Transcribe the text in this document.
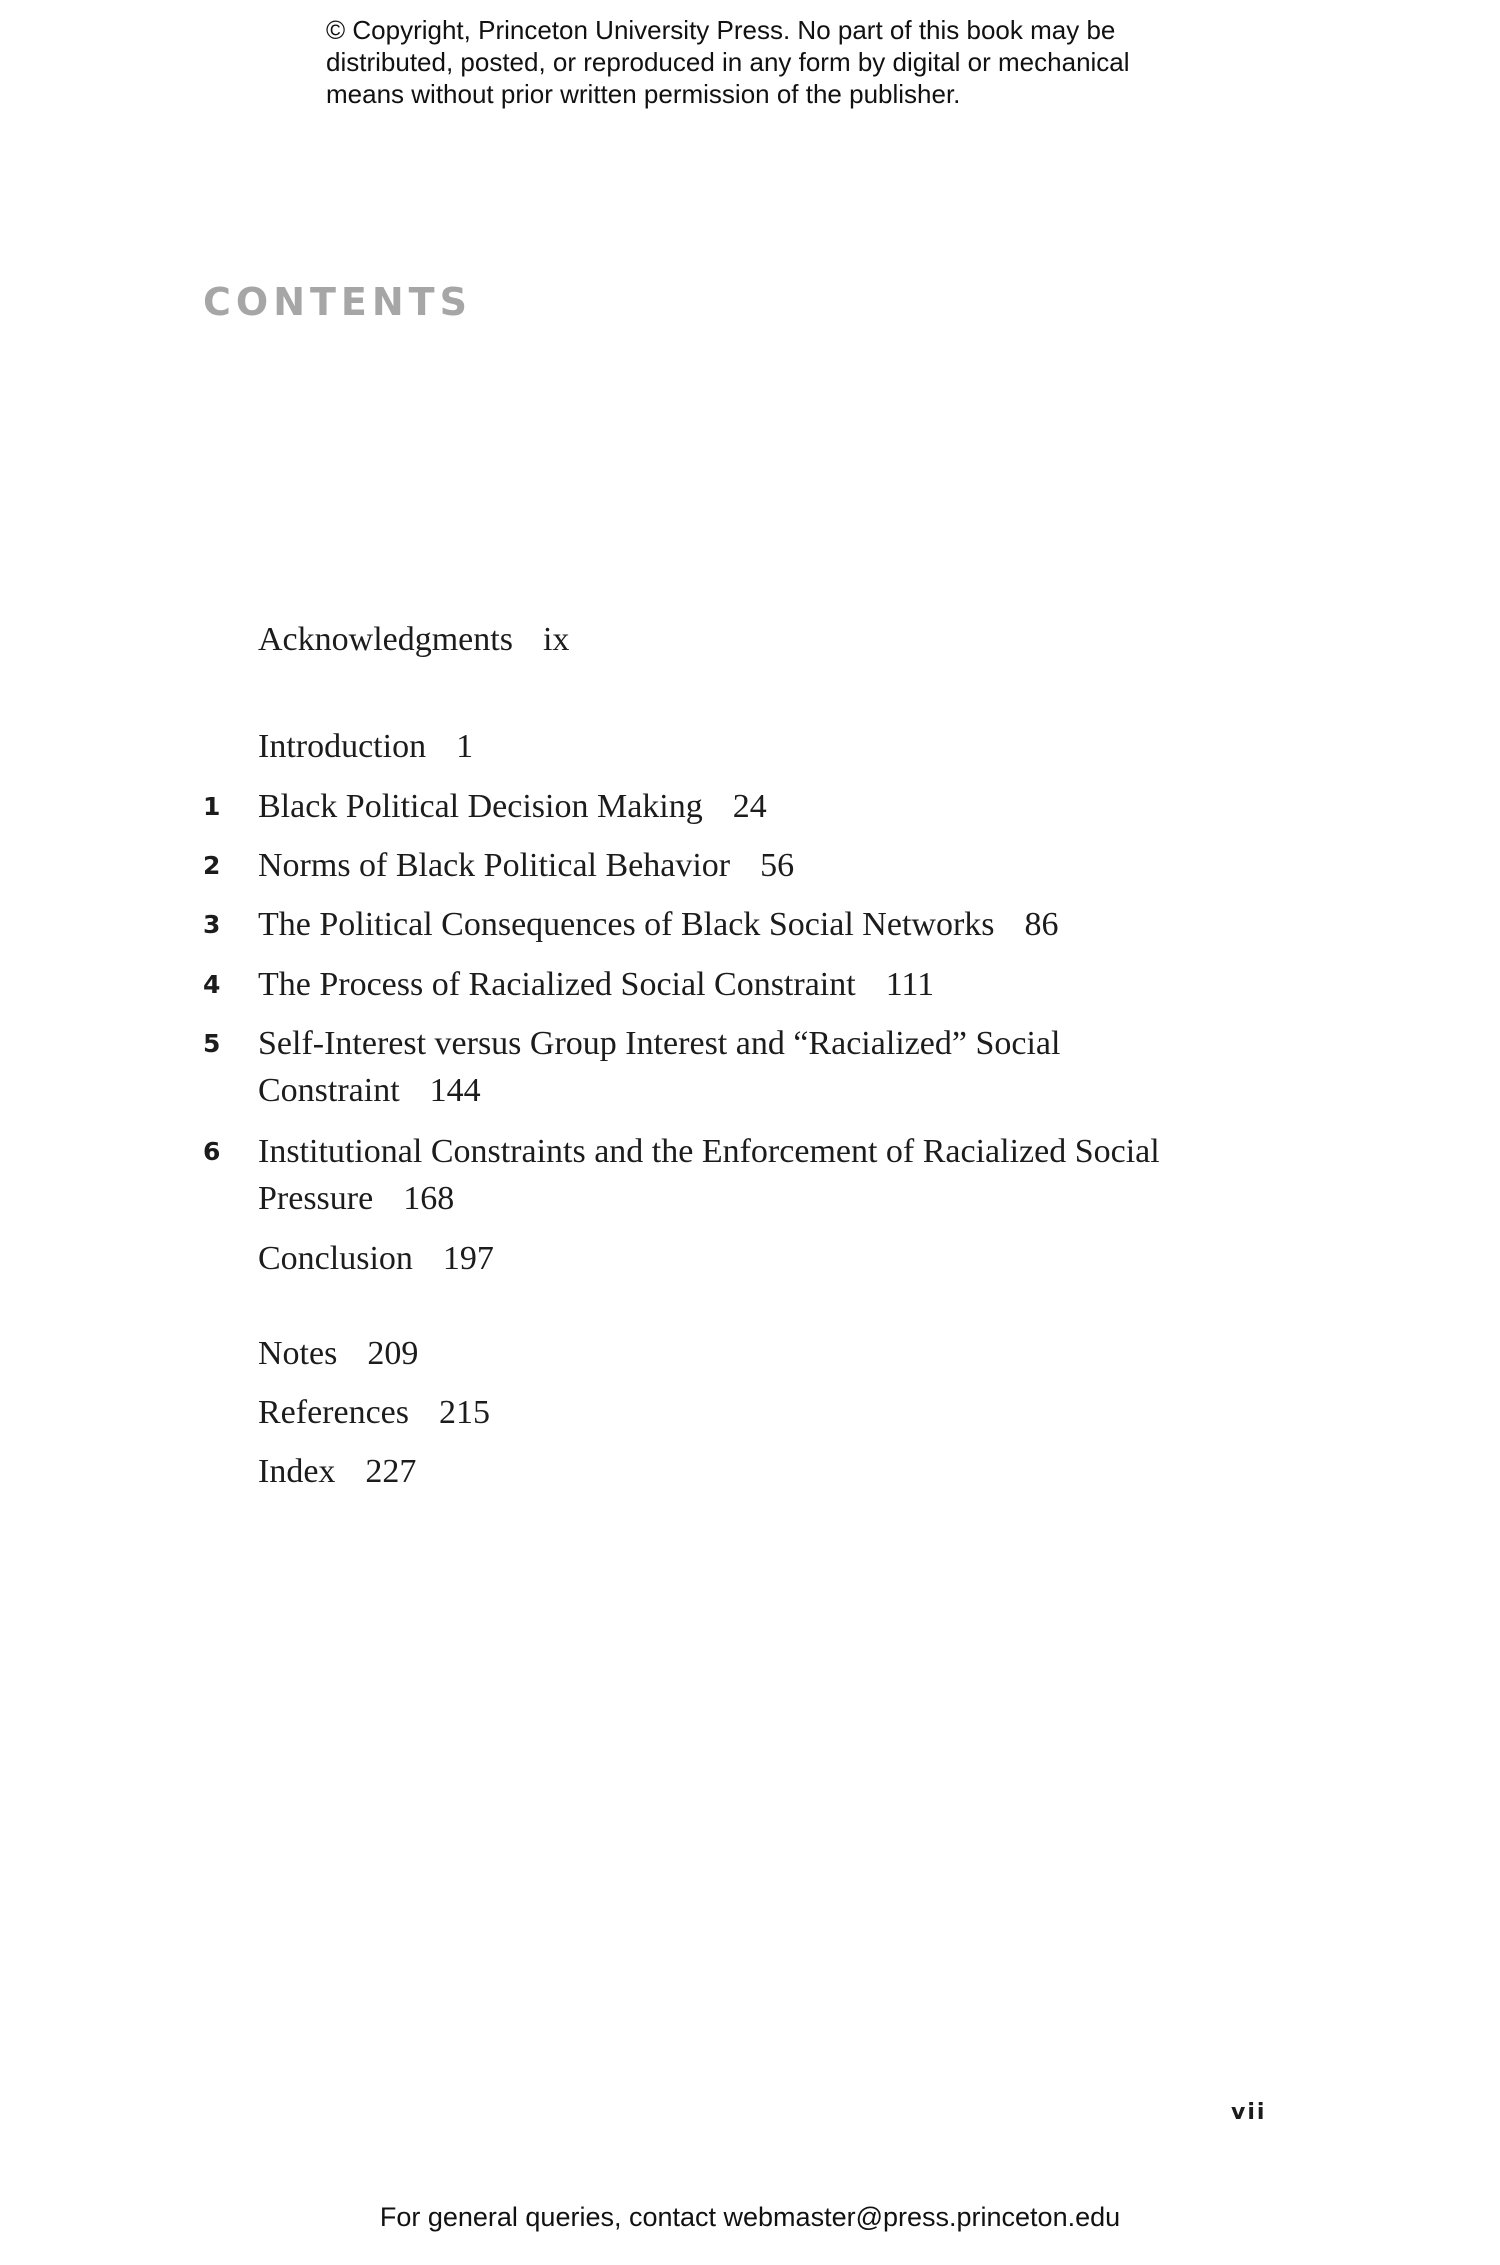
© Copyright, Princeton University Press. No part of this book may be
distributed, posted, or reproduced in any form by digital or mechanical
means without prior written permission of the publisher.
CONTENTS
Acknowledgments ix
Introduction 1
1	Black Political Decision Making 24
2	Norms of Black Political Behavior 56
3	The Political Consequences of Black Social Networks 86
4	The Process of Racialized Social Constraint 111
5	Self-Interest versus Group Interest and “Racialized” Social
Constraint 144
6	Institutional Constraints and the Enforcement of Racialized Social
Pressure 168
Conclusion 197
Notes 209
References 215
Index 227
vii
For general queries, contact webmaster@press.princeton.edu
